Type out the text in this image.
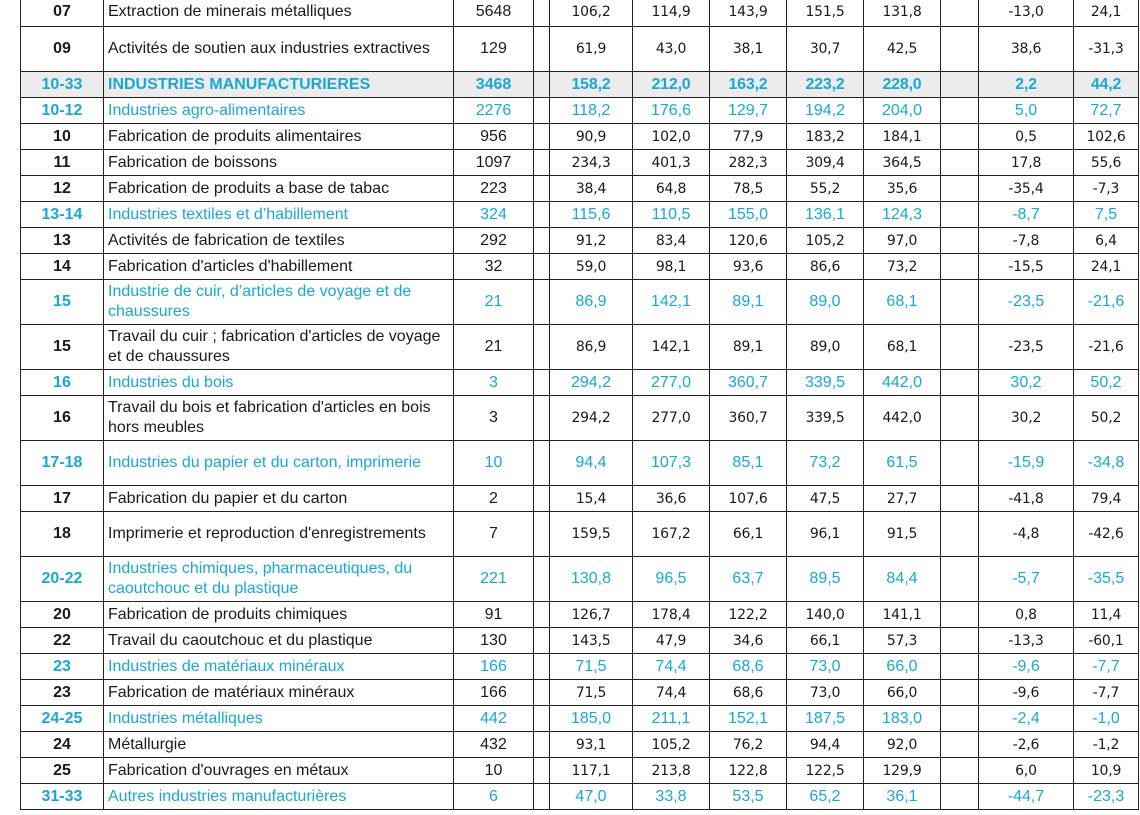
07	Extraction de minerais métalliques	5648		106,2	114,9	143,9	151,5	131,8		-13,0	24,1
09	Activités de soutien aux industries extractives	129		61,9	43,0	38,1	30,7	42,5		38,6	-31,3
10-33	INDUSTRIES MANUFACTURIERES	3468		158,2	212,0	163,2	223,2	228,0		2,2	44,2
10-12	Industries agro-alimentaires	2276		118,2	176,6	129,7	194,2	204,0		5,0	72,7
10	Fabrication de produits alimentaires	956		90,9	102,0	77,9	183,2	184,1		0,5	102,6
11	Fabrication de boissons	1097		234,3	401,3	282,3	309,4	364,5		17,8	55,6
12	Fabrication de produits a base de tabac	223		38,4	64,8	78,5	55,2	35,6		-35,4	-7,3
13-14	Industries textiles et d’habillement	324		115,6	110,5	155,0	136,1	124,3		-8,7	7,5
13	Activités de fabrication de textiles	292		91,2	83,4	120,6	105,2	97,0		-7,8	6,4
14	Fabrication d'articles d'habillement	32		59,0	98,1	93,6	86,6	73,2		-15,5	24,1
15	Industrie de cuir, d’articles de voyage et de chaussures	21		86,9	142,1	89,1	89,0	68,1		-23,5	-21,6
15	Travail du cuir ; fabrication d'articles de voyage et de chaussures	21		86,9	142,1	89,1	89,0	68,1		-23,5	-21,6
16	Industries du bois	3		294,2	277,0	360,7	339,5	442,0		30,2	50,2
16	Travail du bois et fabrication d'articles en bois hors meubles	3		294,2	277,0	360,7	339,5	442,0		30,2	50,2
17-18	Industries du papier et du carton, imprimerie	10		94,4	107,3	85,1	73,2	61,5		-15,9	-34,8
17	Fabrication du papier et du carton	2		15,4	36,6	107,6	47,5	27,7		-41,8	79,4
18	Imprimerie et reproduction d'enregistrements	7		159,5	167,2	66,1	96,1	91,5		-4,8	-42,6
20-22	Industries chimiques, pharmaceutiques, du caoutchouc et du plastique	221		130,8	96,5	63,7	89,5	84,4		-5,7	-35,5
20	Fabrication de produits chimiques	91		126,7	178,4	122,2	140,0	141,1		0,8	11,4
22	Travail du caoutchouc et du plastique	130		143,5	47,9	34,6	66,1	57,3		-13,3	-60,1
23	Industries de matériaux minéraux	166		71,5	74,4	68,6	73,0	66,0		-9,6	-7,7
23	Fabrication de matériaux minéraux	166		71,5	74,4	68,6	73,0	66,0		-9,6	-7,7
24-25	Industries métalliques	442		185,0	211,1	152,1	187,5	183,0		-2,4	-1,0
24	Métallurgie	432		93,1	105,2	76,2	94,4	92,0		-2,6	-1,2
25	Fabrication d'ouvrages en métaux	10		117,1	213,8	122,8	122,5	129,9		6,0	10,9
31-33	Autres industries manufacturières	6		47,0	33,8	53,5	65,2	36,1		-44,7	-23,3
